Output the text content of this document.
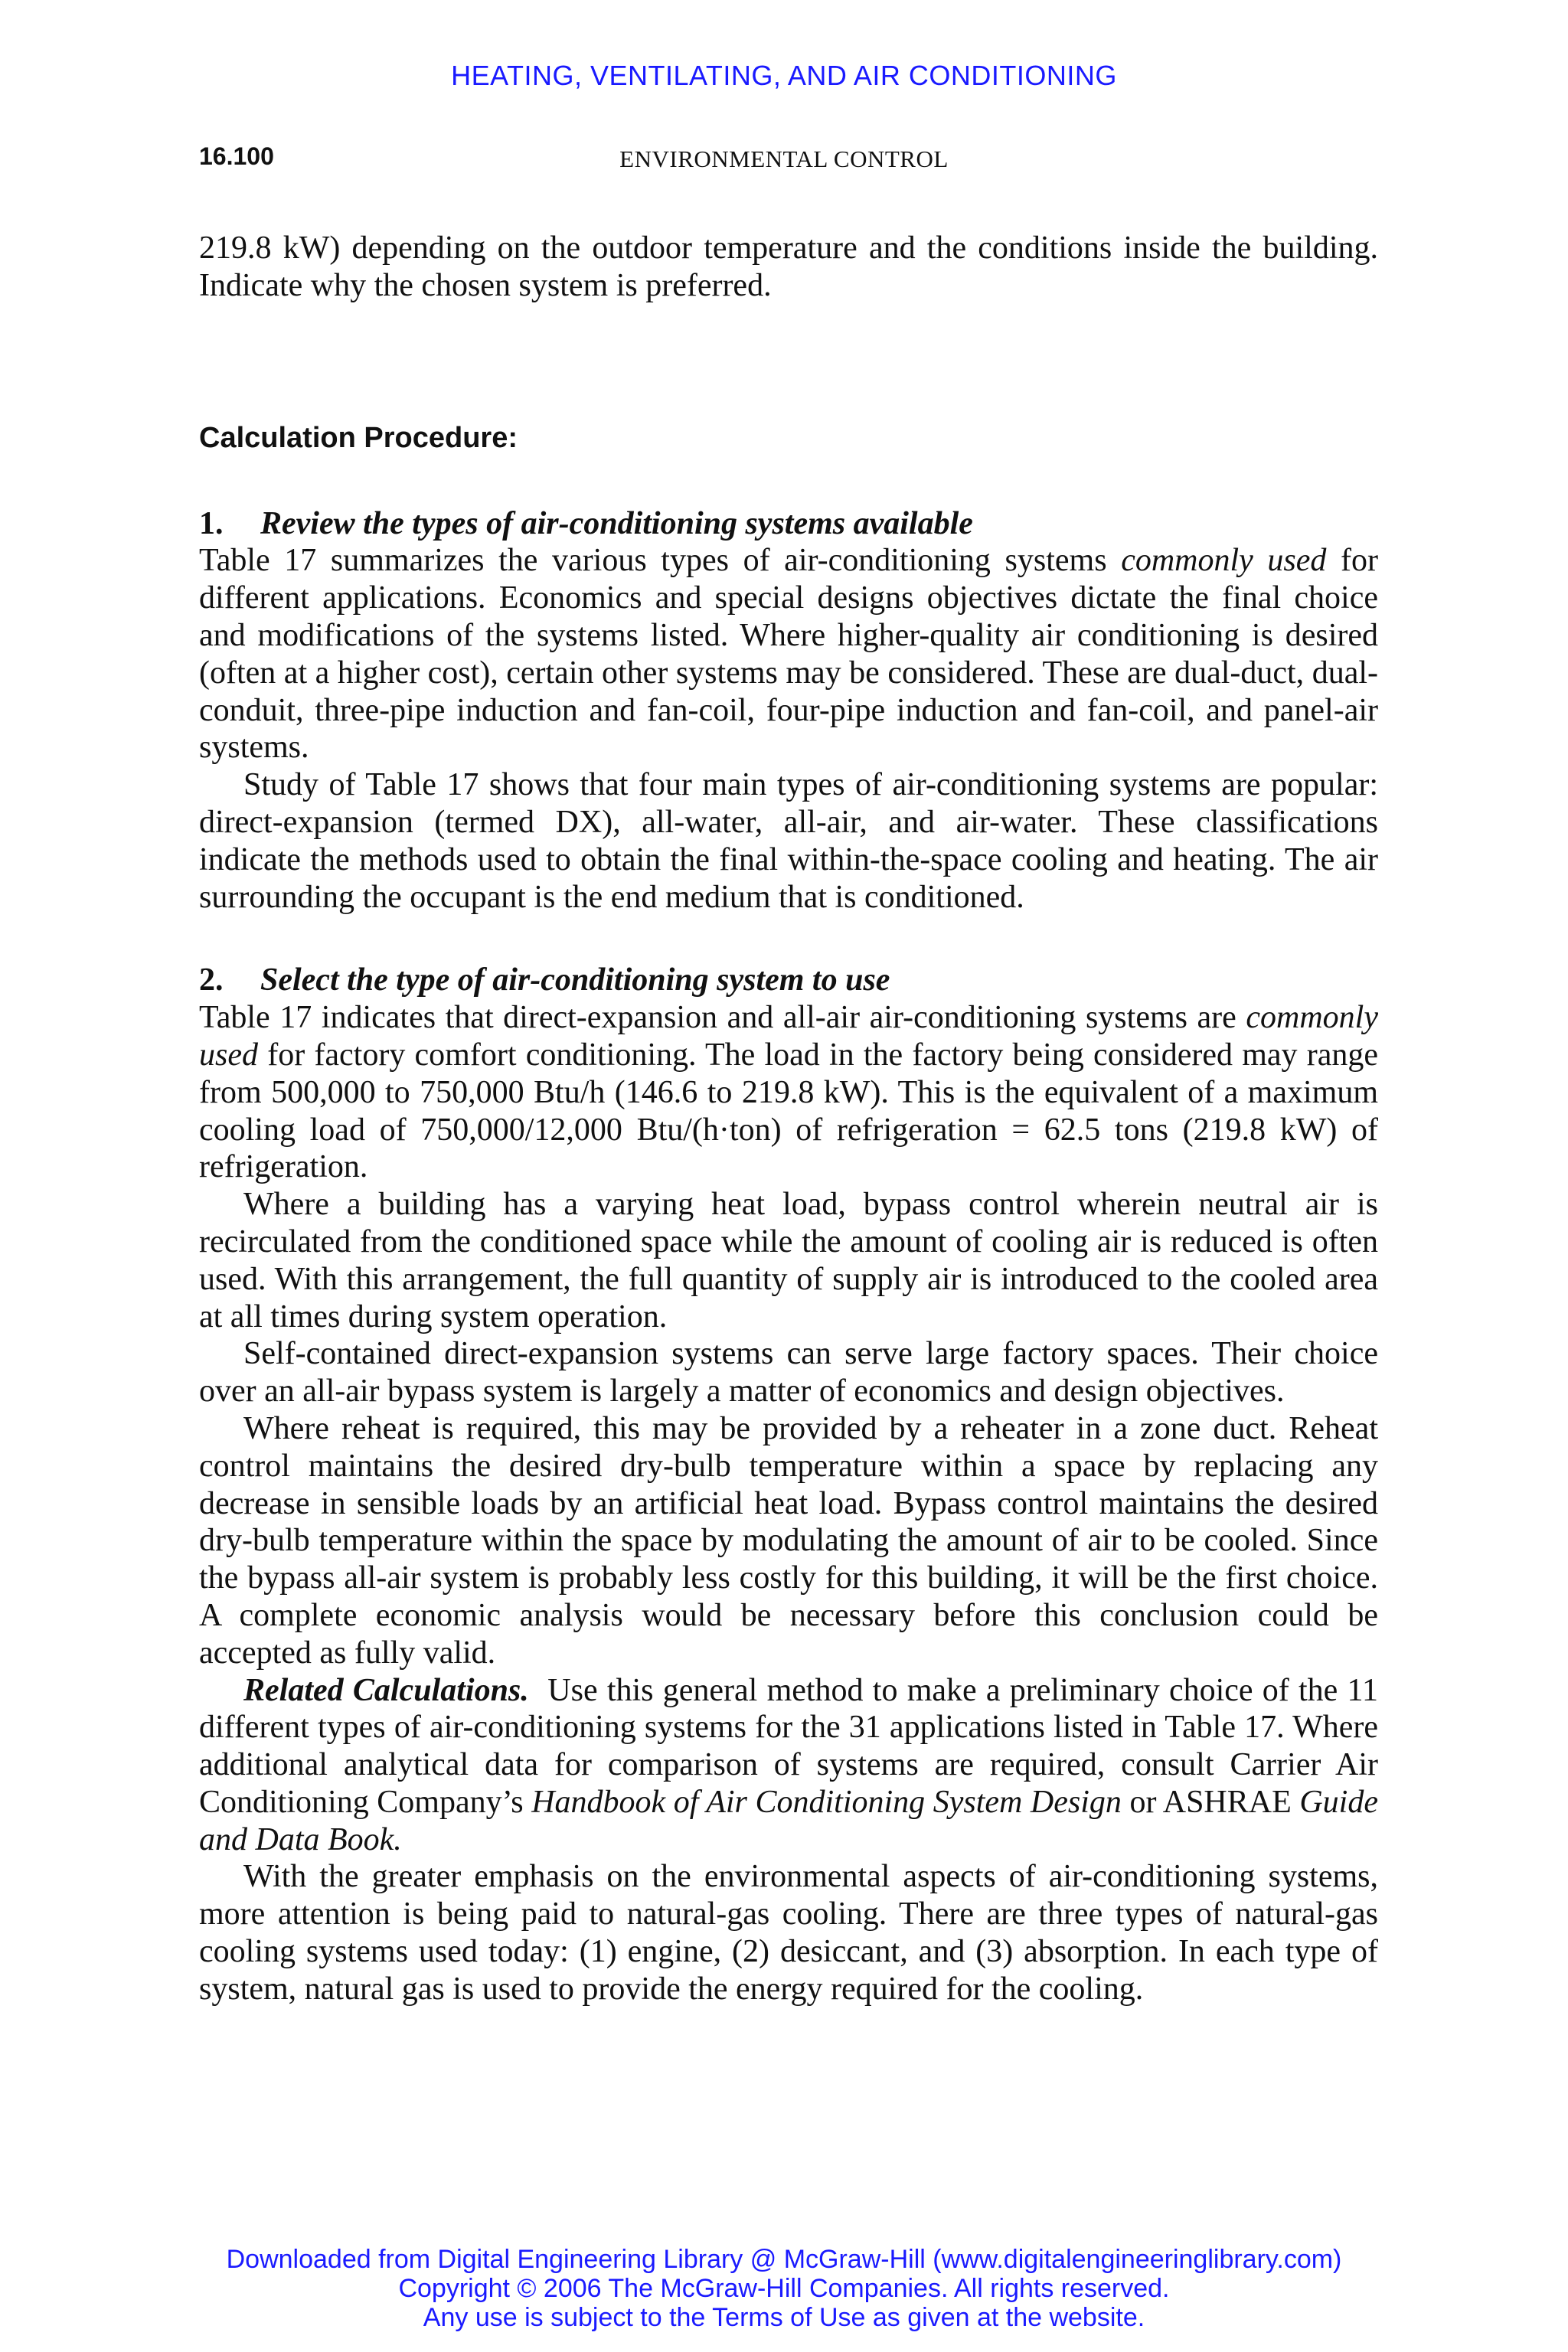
HEATING, VENTILATING, AND AIR CONDITIONING
16.100	ENVIRONMENTAL CONTROL

219.8 kW) depending on the outdoor temperature and the conditions inside the building. Indicate why the chosen system is preferred.

Calculation Procedure:

1. Review the types of air-conditioning systems available

Table 17 summarizes the various types of air-conditioning systems commonly used for different applications. Economics and special designs objectives dictate the final choice and modifications of the systems listed. Where higher-quality air conditioning is desired (often at a higher cost), certain other systems may be considered. These are dual-duct, dual-conduit, three-pipe induction and fan-coil, four-pipe induction and fan-coil, and panel-air systems.

Study of Table 17 shows that four main types of air-conditioning systems are popular: direct-expansion (termed DX), all-water, all-air, and air-water. These classifications indicate the methods used to obtain the final within-the-space cooling and heating. The air surrounding the occupant is the end medium that is conditioned.

2. Select the type of air-conditioning system to use

Table 17 indicates that direct-expansion and all-air air-conditioning systems are commonly used for factory comfort conditioning. The load in the factory being considered may range from 500,000 to 750,000 Btu/h (146.6 to 219.8 kW). This is the equivalent of a maximum cooling load of 750,000/12,000 Btu/(h·ton) of refrigeration = 62.5 tons (219.8 kW) of refrigeration.

Where a building has a varying heat load, bypass control wherein neutral air is recirculated from the conditioned space while the amount of cooling air is reduced is often used. With this arrangement, the full quantity of supply air is introduced to the cooled area at all times during system operation.

Self-contained direct-expansion systems can serve large factory spaces. Their choice over an all-air bypass system is largely a matter of economics and design objectives.

Where reheat is required, this may be provided by a reheater in a zone duct. Reheat control maintains the desired dry-bulb temperature within a space by replacing any decrease in sensible loads by an artificial heat load. Bypass control maintains the desired dry-bulb temperature within the space by modulating the amount of air to be cooled. Since the bypass all-air system is probably less costly for this building, it will be the first choice. A complete economic analysis would be necessary before this conclusion could be accepted as fully valid.

Related Calculations.  Use this general method to make a preliminary choice of the 11 different types of air-conditioning systems for the 31 applications listed in Table 17. Where additional analytical data for comparison of systems are required, consult Carrier Air Conditioning Company’s Handbook of Air Conditioning System Design or ASHRAE Guide and Data Book.

With the greater emphasis on the environmental aspects of air-conditioning systems, more attention is being paid to natural-gas cooling. There are three types of natural-gas cooling systems used today: (1) engine, (2) desiccant, and (3) absorption. In each type of system, natural gas is used to provide the energy required for the cooling.

Downloaded from Digital Engineering Library @ McGraw-Hill (www.digitalengineeringlibrary.com)
Copyright © 2006 The McGraw-Hill Companies. All rights reserved.
Any use is subject to the Terms of Use as given at the website.
